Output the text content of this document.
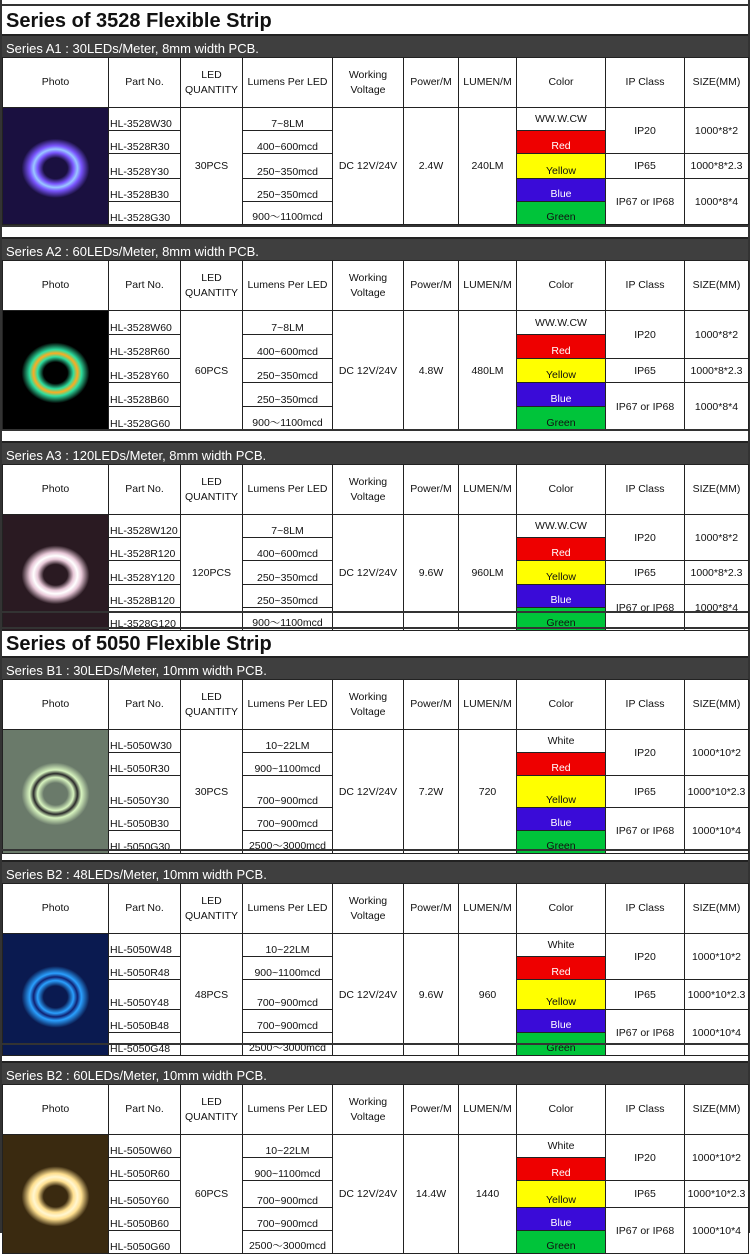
Series of 3528 Flexible Strip
Series A1 : 30LEDs/Meter, 8mm width PCB.
Photo	Part No.	LED QUANTITY	Lumens Per LED	Working Voltage	Power/M	LUMEN/M	Color	IP Class	SIZE(MM)

	HL-3528W30	30PCS	7~8LM	DC 12V/24V	2.4W	240LM	WW.W.CW	IP20	1000*8*2
	HL-3528R30		400~600mcd				Red		
	HL-3528Y30		250~350mcd				Yellow	IP65	1000*8*2.3
	HL-3528B30		250~350mcd				Blue	IP67 or IP68	1000*8*4
	HL-3528G30		900～1100mcd				Green		
Series A2 : 60LEDs/Meter, 8mm width PCB.
Photo	Part No.	LED QUANTITY	Lumens Per LED	Working Voltage	Power/M	LUMEN/M	Color	IP Class	SIZE(MM)

	HL-3528W60	60PCS	7~8LM	DC 12V/24V	4.8W	480LM	WW.W.CW	IP20	1000*8*2
	HL-3528R60		400~600mcd				Red		
	HL-3528Y60		250~350mcd				Yellow	IP65	1000*8*2.3
	HL-3528B60		250~350mcd				Blue	IP67 or IP68	1000*8*4
	HL-3528G60		900～1100mcd				Green		
Series A3 : 120LEDs/Meter, 8mm width PCB.
Photo	Part No.	LED QUANTITY	Lumens Per LED	Working Voltage	Power/M	LUMEN/M	Color	IP Class	SIZE(MM)

	HL-3528W120	120PCS	7~8LM	DC 12V/24V	9.6W	960LM	WW.W.CW	IP20	1000*8*2
	HL-3528R120		400~600mcd				Red		
	HL-3528Y120		250~350mcd				Yellow	IP65	1000*8*2.3
	HL-3528B120		250~350mcd				Blue	IP67 or IP68	1000*8*4
	HL-3528G120		900～1100mcd				Green		
Series of 5050 Flexible Strip
Series B1 : 30LEDs/Meter, 10mm width PCB.
Photo	Part No.	LED QUANTITY	Lumens Per LED	Working Voltage	Power/M	LUMEN/M	Color	IP Class	SIZE(MM)

	HL-5050W30	30PCS	10~22LM	DC 12V/24V	7.2W	720	White	IP20	1000*10*2
	HL-5050R30		900~1100mcd				Red		
	HL-5050Y30		700~900mcd				Yellow	IP65	1000*10*2.3
	HL-5050B30		700~900mcd				Blue	IP67 or IP68	1000*10*4
	HL-5050G30		2500～3000mcd				Green		
Series B2 : 48LEDs/Meter, 10mm width PCB.
Photo	Part No.	LED QUANTITY	Lumens Per LED	Working Voltage	Power/M	LUMEN/M	Color	IP Class	SIZE(MM)

	HL-5050W48	48PCS	10~22LM	DC 12V/24V	9.6W	960	White	IP20	1000*10*2
	HL-5050R48		900~1100mcd				Red		
	HL-5050Y48		700~900mcd				Yellow	IP65	1000*10*2.3
	HL-5050B48		700~900mcd				Blue	IP67 or IP68	1000*10*4
	HL-5050G48		2500～3000mcd				Green		
Series B2 : 60LEDs/Meter, 10mm width PCB.
Photo	Part No.	LED QUANTITY	Lumens Per LED	Working Voltage	Power/M	LUMEN/M	Color	IP Class	SIZE(MM)

	HL-5050W60	60PCS	10~22LM	DC 12V/24V	14.4W	1440	White	IP20	1000*10*2
	HL-5050R60		900~1100mcd				Red		
	HL-5050Y60		700~900mcd				Yellow	IP65	1000*10*2.3
	HL-5050B60		700~900mcd				Blue	IP67 or IP68	1000*10*4
	HL-5050G60		2500～3000mcd				Green		
